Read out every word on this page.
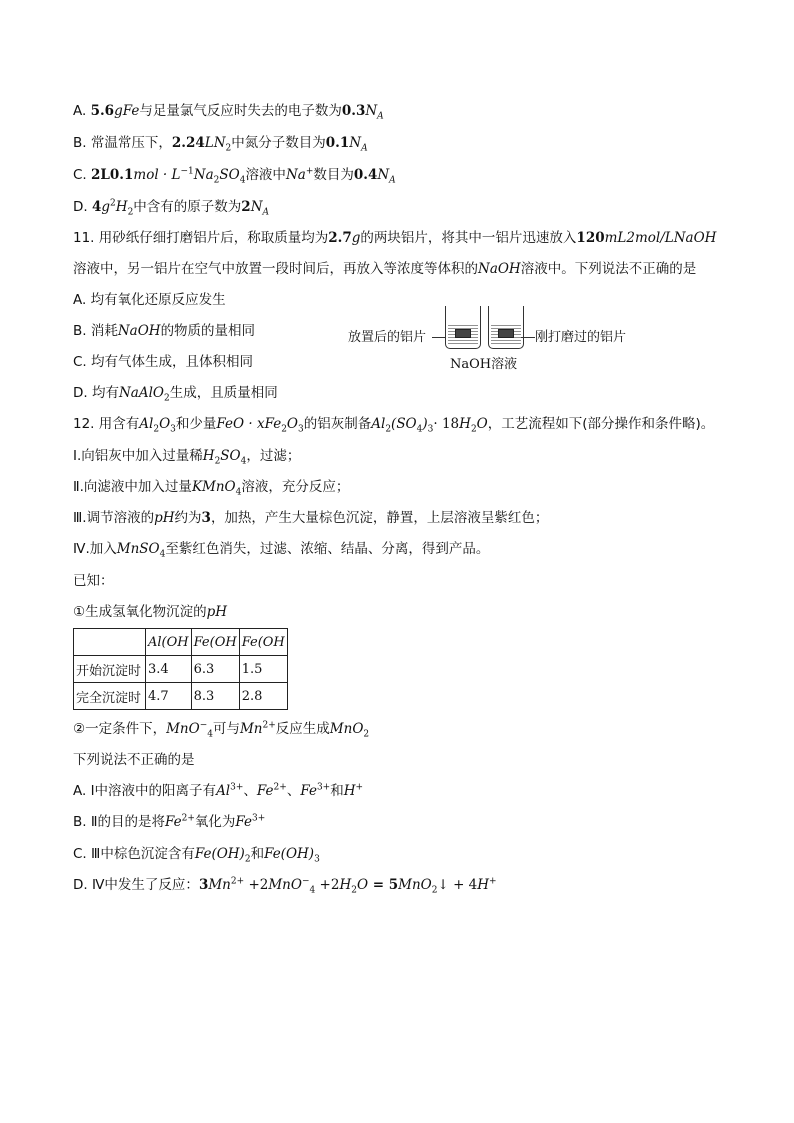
A. 5.6gFe与足量氯气反应时失去的电子数为$0.3N_A$
B. 常温常压下，$2.24LN_2$中氮分子数目为$0.1N_A$
C. $2L0.1mol \cdot L^{-1}Na_2SO_4$溶液中Na+数目为$0.4N_A$
D. $4g^2H_2$中含有的原子数为$2N_A$
11. 用砂纸仔细打磨铝片后，称取质量均为2.7g的两块铝片，将其中一铝片迅速放入120mL2mol/LNaOH
溶液中，另一铝片在空气中放置一段时间后，再放入等浓度等体积的NaOH溶液中。下列说法不正确的是
A. 均有氧化还原反应发生
B. 消耗NaOH的物质的量相同
C. 均有气体生成，且体积相同
D. 均有NaAlO$_2$生成，且质量相同
放置后的铝片	刚打磨过的铝片
NaOH溶液
12. 用含有$Al_2O_3$和少量FeO · $xFe_2O_3$的铝灰制备$Al_2(SO_4)_3\cdot 18H_2O$，工艺流程如下(部分操作和条件略)。
Ⅰ.向铝灰中加入过量稀$H_2SO_4$，过滤；
Ⅱ.向滤液中加入过量KMnO$_4$溶液，充分反应；
Ⅲ.调节溶液的pH约为3，加热，产生大量棕色沉淀，静置，上层溶液呈紫红色；
Ⅳ.加入MnSO$_4$至紫红色消失，过滤、浓缩、结晶、分离，得到产品。
已知：
①生成氢氧化物沉淀的pH
	Al(OH	Fe(OH	Fe(OH
开始沉淀时	3.4	6.3	1.5
完全沉淀时	4.7	8.3	2.8
②一定条件下，MnO−$_4$可与$Mn^{2+}$反应生成MnO$_2$
下列说法不正确的是
A. Ⅰ中溶液中的阳离子有$Al^{3+}$、$Fe^{2+}$、$Fe^{3+}$和H+
B. Ⅱ的目的是将$Fe^{2+}$氧化为$Fe^{3+}$
C. Ⅲ中棕色沉淀含有$Fe(OH)_2$和$Fe(OH)_3$
D. Ⅳ中发生了反应：$3Mn^{2+} +2MnO^-_4 +2H_2O$ = 5MnO$_2$↓ + 4H+
